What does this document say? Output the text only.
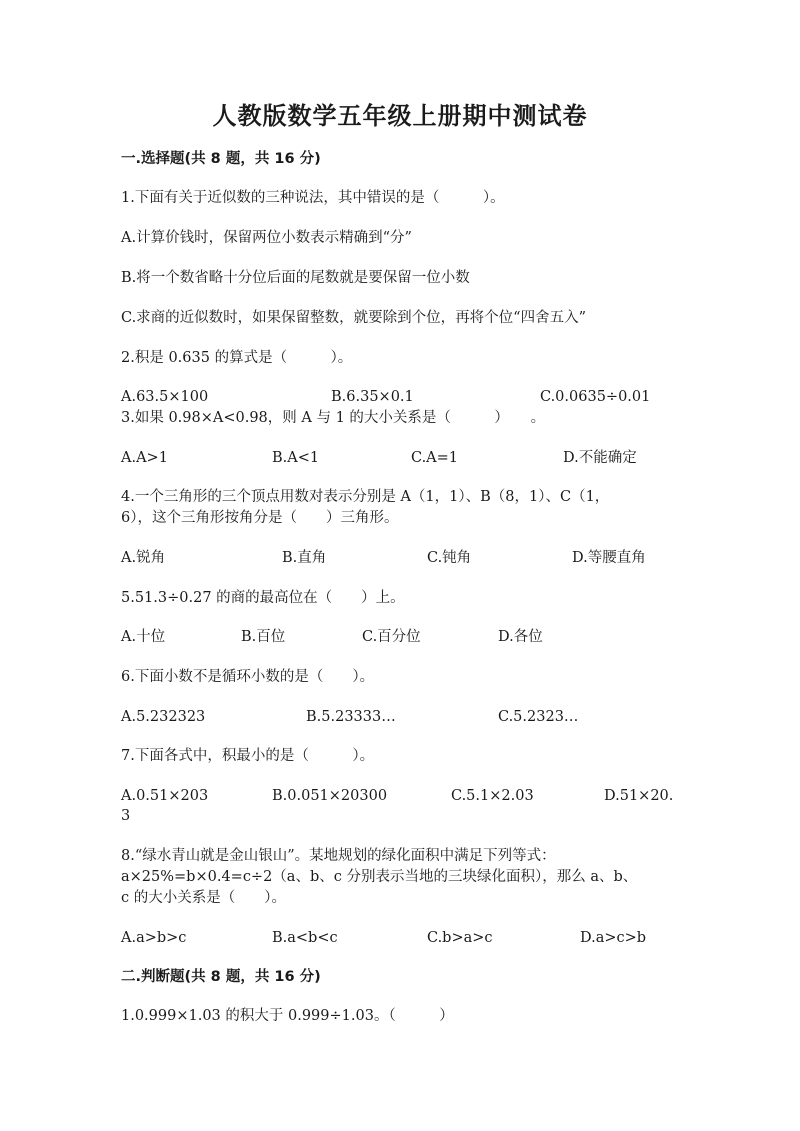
人教版数学五年级上册期中测试卷
一.选择题(共 8 题，共 16 分)
1.下面有关于近似数的三种说法，其中错误的是（　　　）。
A.计算价钱时，保留两位小数表示精确到“分”
B.将一个数省略十分位后面的尾数就是要保留一位小数
C.求商的近似数时，如果保留整数，就要除到个位，再将个位“四舍五入”
2.积是 0.635 的算式是（　　　）。
A.63.5×100	B.6.35×0.1	C.0.0635÷0.01
3.如果 0.98×A<0.98，则 A 与 1 的大小关系是（　　　）　　。
A.A>1	B.A<1	C.A=1	D.不能确定
4.一个三角形的三个顶点用数对表示分别是 A（1，1）、B（8，1）、C（1，
6），这个三角形按角分是（　　）三角形。
A.锐角	B.直角	C.钝角	D.等腰直角
5.51.3÷0.27 的商的最高位在（　　）上。
A.十位	B.百位	C.百分位	D.各位
6.下面小数不是循环小数的是（　　）。
A.5.232323	B.5.23333…	C.5.2323…
7.下面各式中，积最小的是（　　　）。
A.0.51×203	B.0.051×20300	C.5.1×2.03	D.51×20.
3
8.“绿水青山就是金山银山”。某地规划的绿化面积中满足下列等式：
a×25%=b×0.4=c÷2（a、b、c 分别表示当地的三块绿化面积），那么 a、b、
c 的大小关系是（　　）。
A.a>b>c	B.a<b<c	C.b>a>c	D.a>c>b
二.判断题(共 8 题，共 16 分)
1.0.999×1.03 的积大于 0.999÷1.03。（　　　）
